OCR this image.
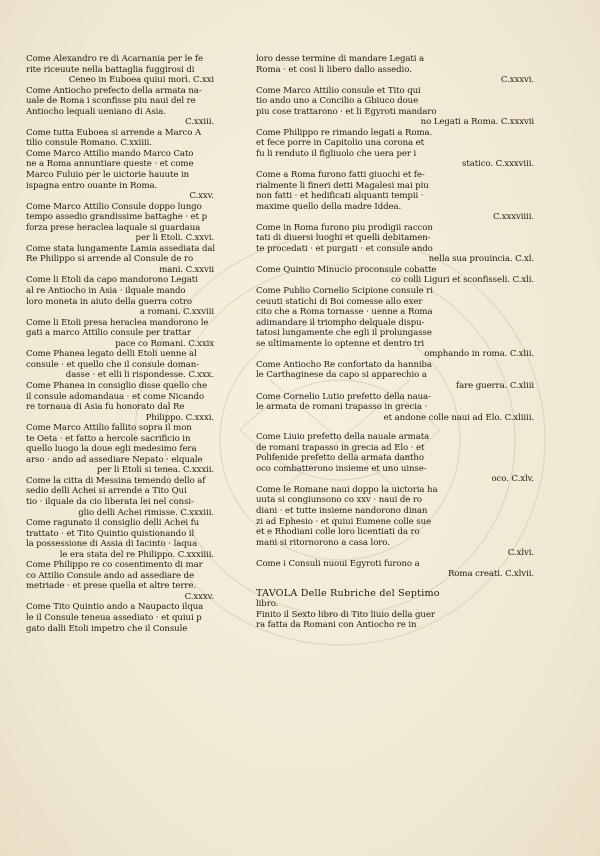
Come Alexandro re di Acarnania per le fe
rite riceuute nella battaglia fuggirosi di
Ceneo in Euboea quiui morì. C.xxi
Come Antiocho prefecto della armata na-
uale de Roma i sconfisse piu naui del re
Antiocho lequali ueniano di Asia.
C.xxiii.
Come tutta Euboea si arrende a Marco A
tilio consule Romano. C.xxiiii.
Come Marco Attilio mando Marco Cato
ne a Roma annuntiare queste · et come
Marco Fuluio per le uictorie hauute in
ispagna entro ouante in Roma.
C.xxv.
Come Marco Attilio Consule doppo lungo
tempo assedio grandissime battaghe · et p
forza prese heraclea laquale si guardaua
per li Etoli. C.xxvi.
Come stata lungamente Lamia assediata dal
Re Philippo si arrende al Consule de ro
mani. C.xxvii
Come li Etoli da capo mandorono Legati
al re Antiocho in Asia · ilquale mando
loro moneta in aiuto della guerra cotro
a romani. C.xxviii
Come li Etoli presa heraclea mandorono le
gati a marco Attilio consule per trattar
pace co Romani. C.xxix
Come Phanea legato delli Etoli uenne al
consule · et quello che il consule doman-
dasse · et elli li rispondesse. C.xxx.
Come Phanea in consiglio disse quello che
il consule adomandaua · et come Nicando
re tornaua di Asia fu honorato dal Re
Philippo. C.xxxi.
Come Marco Attilio fallito sopra il mon
te Oeta · et fatto a hercole sacrificio in
quello luogo la doue egli medesimo fera
arso · ando ad assediare Nepato · elquale
per li Etoli si tenea. C.xxxii.
Come la citta di Messina temendo dello af
sedio delli Achei si arrende a Tito Qui
tio · ilquale da cio liberata lei nel consi-
glio delli Achei rimisse. C.xxxiii.
Come ragunato il consiglio delli Achei fu
trattato · et Tito Quintio quistionando il
la possessione di Assia di Iacinto · laqua
le era stata del re Philippo. C.xxxiiii.
Come Philippo re co cosentimento di mar
co Attilio Consule ando ad assediare de
metriade · et prese quella et altre terre.
C.xxxv.
Come Tito Quintio ando a Naupacto ilqua
le il Consule teneua assediato · et quiui p
gato dalli Etoli impetro che il Consule
loro desse termine di mandare Legati a
Roma · et cosi li libero dallo assedio.
C.xxxvi.
Come Marco Attilio consule et Tito qui
tio ando uno a Concilio a Gbiuco doue
piu cose trattarono · et li Egyroti mandaro
no Legati a Roma. C.xxxvii
Come Philippo re rimando legati a Roma.
et fece porre in Capitolio una corona et
fu li renduto il figliuolo che uera per i
statico. C.xxxviii.
Come a Roma furono fatti giuochi et fe-
rialmente li fineri detti Magalesi mai piu
non fatti · et hedificati alquanti tempii ·
maxime quello della madre Iddea.
C.xxxviiii.
Come in Roma furono piu prodigii raccon
tati di diuersi luoghi et quelli debitamen-
te procedati · et purgati · et consule ando
nella sua prouincia. C.xl.
Come Quintio Minucio proconsule cobatte
co colli Liguri et sconfisseli. C.xli.
Come Publio Cornelio Scipione consule ri
ceuuti statichi di Boi comesse allo exer
cito che a Roma tornasse · uenne a Roma
adimandare il triompho delquale dispu-
tatosi lungamente che egli il prolungasse
se ultimamente lo optenne et dentro tri
omphando in roma. C.xlii.
Come Antiocho Re confortato da hanniba
le Carthaginese da capo si apparechio a
fare guerra. C.xliii
Come Cornelio Lutio prefetto della naua-
le armata de romani trapasso in grecia ·
et andone colle naui ad Elo. C.xliiii.
Come Liuio prefetto della nauale armata
de romani trapasso in grecia ad Elo · et
Polifenide prefetto della armata dantho
oco combatterono insieme et uno uinse-
oco. C.xlv.
Come le Romane naui doppo la uictoria ha
uuta si congiunsono co xxv · naui de ro
diani · et tutte insieme nandorono dinan
zi ad Ephesio · et quiui Eumene colle sue
et e Rhodiani colle loro licentiati da ro
mani si ritornorono a casa loro.
C.xlvi.
Come i Consuli nuoui Egyroti furono a
Roma creati. C.xlvii.
TAVOLA Delle Rubriche del Septimo
libro.
Finito il Sexto libro di Tito liuio della guer
ra fatta da Romani con Antiocho re in
